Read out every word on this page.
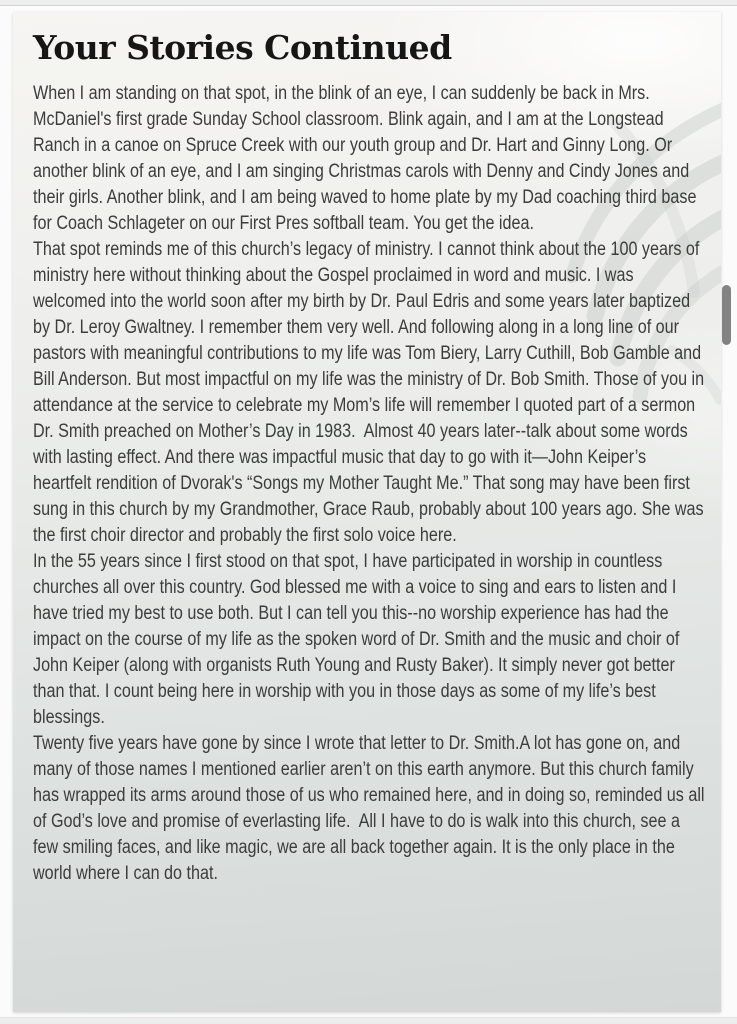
Your Stories Continued

When I am standing on that spot, in the blink of an eye, I can suddenly be back in Mrs. McDaniel's first grade Sunday School classroom. Blink again, and I am at the Longstead Ranch in a canoe on Spruce Creek with our youth group and Dr. Hart and Ginny Long. Or another blink of an eye, and I am singing Christmas carols with Denny and Cindy Jones and their girls. Another blink, and I am being waved to home plate by my Dad coaching third base for Coach Schlageter on our First Pres softball team. You get the idea.

That spot reminds me of this church’s legacy of ministry. I cannot think about the 100 years of ministry here without thinking about the Gospel proclaimed in word and music. I was welcomed into the world soon after my birth by Dr. Paul Edris and some years later baptized by Dr. Leroy Gwaltney. I remember them very well. And following along in a long line of our pastors with meaningful contributions to my life was Tom Biery, Larry Cuthill, Bob Gamble and Bill Anderson. But most impactful on my life was the ministry of Dr. Bob Smith. Those of you in attendance at the service to celebrate my Mom’s life will remember I quoted part of a sermon Dr. Smith preached on Mother’s Day in 1983.  Almost 40 years later--talk about some words with lasting effect. And there was impactful music that day to go with it—John Keiper’s heartfelt rendition of Dvorak's “Songs my Mother Taught Me.” That song may have been first sung in this church by my Grandmother, Grace Raub, probably about 100 years ago. She was the first choir director and probably the first solo voice here.

In the 55 years since I first stood on that spot, I have participated in worship in countless churches all over this country. God blessed me with a voice to sing and ears to listen and I have tried my best to use both. But I can tell you this--no worship experience has had the impact on the course of my life as the spoken word of Dr. Smith and the music and choir of John Keiper (along with organists Ruth Young and Rusty Baker). It simply never got better than that. I count being here in worship with you in those days as some of my life’s best blessings.

Twenty five years have gone by since I wrote that letter to Dr. Smith.A lot has gone on, and many of those names I mentioned earlier aren’t on this earth anymore. But this church family has wrapped its arms around those of us who remained here, and in doing so, reminded us all of God’s love and promise of everlasting life.  All I have to do is walk into this church, see a few smiling faces, and like magic, we are all back together again. It is the only place in the world where I can do that.
